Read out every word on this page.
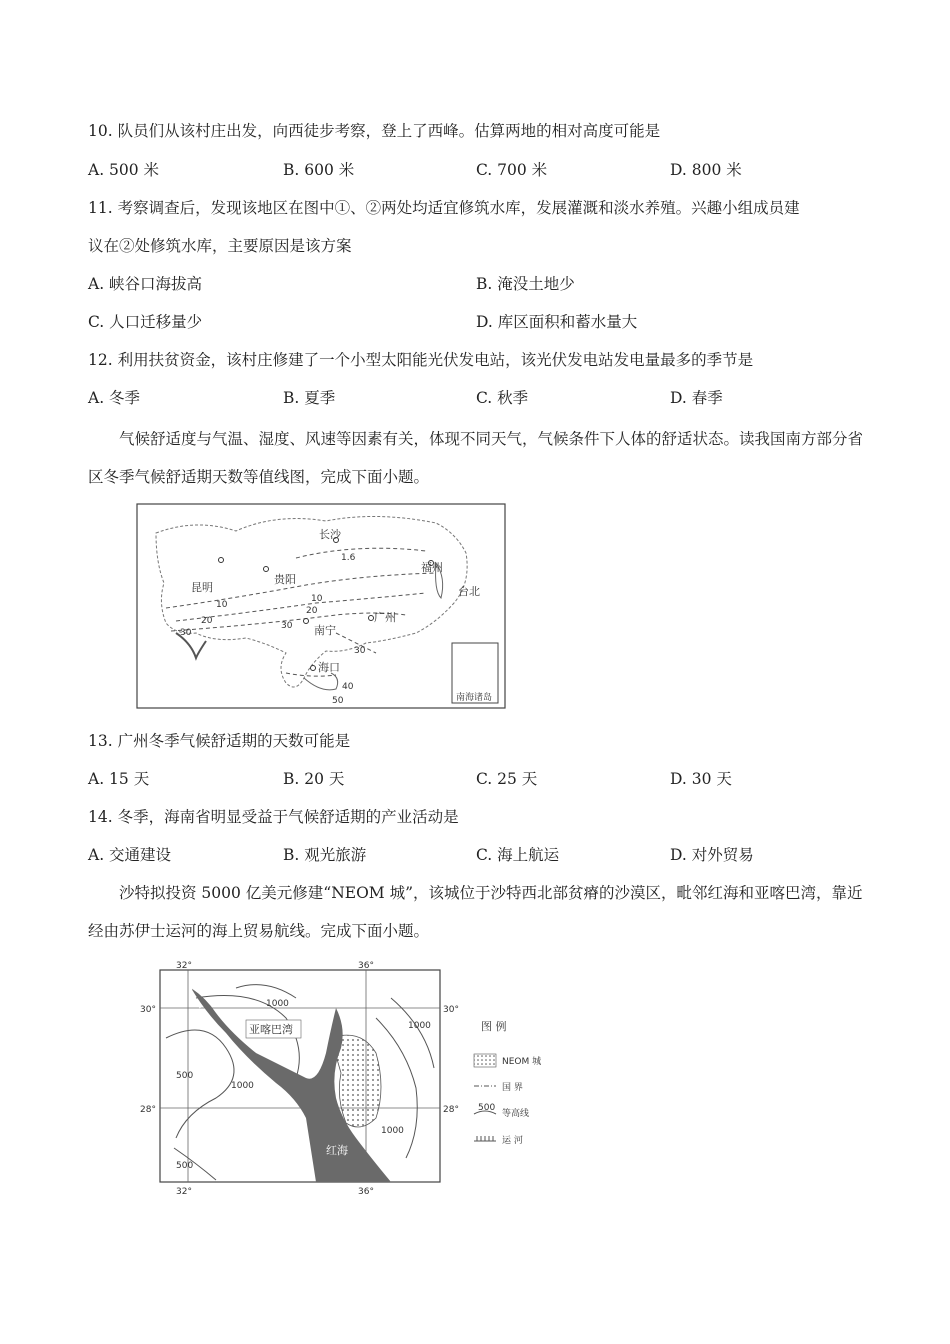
10. 队员们从该村庄出发，向西徒步考察，登上了西峰。估算两地的相对高度可能是
A. 500 米	B. 600 米	C. 700 米	D. 800 米
11. 考察调查后，发现该地区在图中①、②两处均适宜修筑水库，发展灌溉和淡水养殖。兴趣小组成员建
议在②处修筑水库，主要原因是该方案
A. 峡谷口海拔高	B. 淹没土地少
C. 人口迁移量少	D. 库区面积和蓄水量大
12. 利用扶贫资金，该村庄修建了一个小型太阳能光伏发电站，该光伏发电站发电量最多的季节是
A. 冬季	B. 夏季	C. 秋季	D. 春季
气候舒适度与气温、湿度、风速等因素有关，体现不同天气，气候条件下人体的舒适状态。读我国南方部分省区冬季气候舒适期天数等值线图，完成下面小题。
长沙
福州
昆明
贵阳
台北
南宁
广州
海口
1.6
10
20
30
10
20
30
40
50
30
南海诸岛
13. 广州冬季气候舒适期的天数可能是
A. 15 天	B. 20 天	C. 25 天	D. 30 天
14. 冬季，海南省明显受益于气候舒适期的产业活动是
A. 交通建设	B. 观光旅游	C. 海上航运	D. 对外贸易
沙特拟投资 5000 亿美元修建“NEOM 城”，该城位于沙特西北部贫瘠的沙漠区，毗邻红海和亚喀巴湾，靠近经由苏伊士运河的海上贸易航线。完成下面小题。
32°	36°
32°	36°
30°
28°
30°
28°
1000
500
1000
1000
1000
500
亚喀巴湾
红海
图 例
NEOM 城
国 界
500
等高线
运 河
